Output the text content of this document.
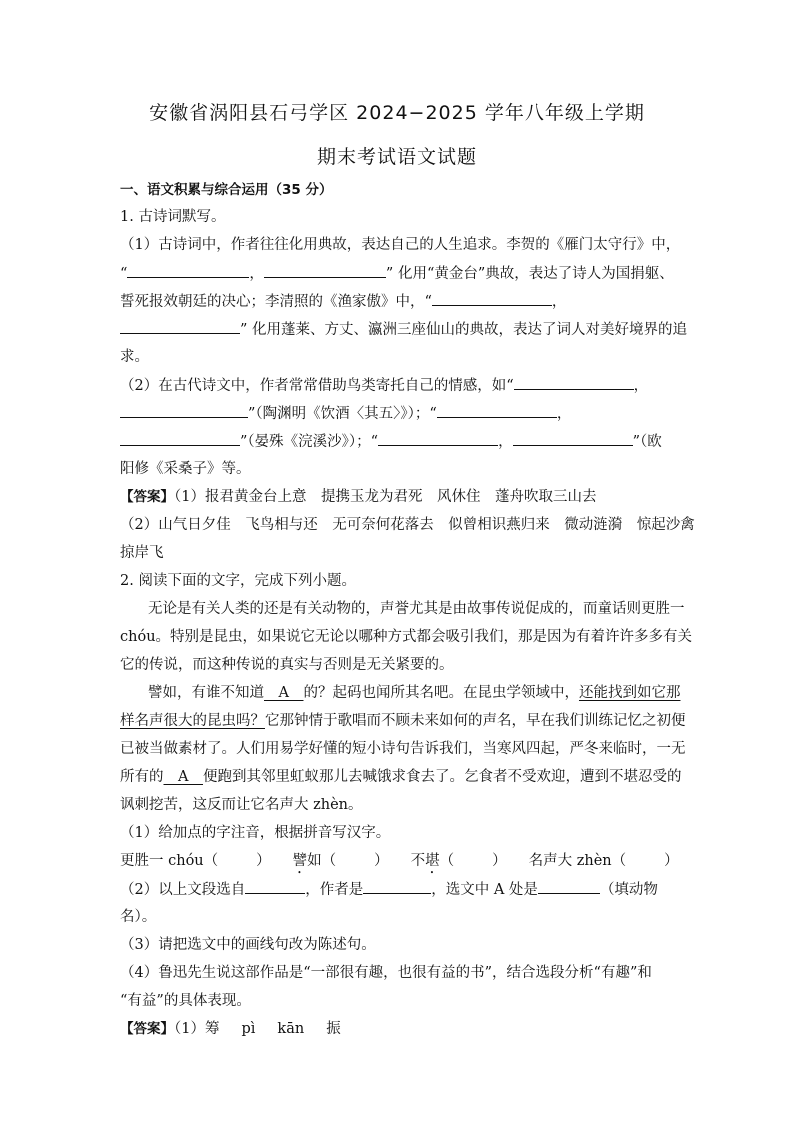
安徽省涡阳县石弓学区 2024−2025 学年八年级上学期
期末考试语文试题
一、语文积累与综合运用（35 分）
1. 古诗词默写。
（1）古诗词中，作者往往化用典故，表达自己的人生追求。李贺的《雁门太守行》中，
“	，	” 化用“黄金台”典故，表达了诗人为国捐躯、
誓死报效朝廷的决心；李清照的《渔家傲》中，“	，
” 化用蓬莱、方丈、瀛洲三座仙山的典故，表达了词人对美好境界的追
求。
（2）在古代诗文中，作者常常借助鸟类寄托自己的情感，如“	，
”（陶渊明《饮酒〈其五〉》）；“	，
”（晏殊《浣溪沙》）；“	，	”（欧
阳修《采桑子》等。
【答案】（1）报君黄金台上意　提携玉龙为君死　风休住　蓬舟吹取三山去
（2）山气日夕佳　飞鸟相与还　无可奈何花落去　似曾相识燕归来　微动涟漪　惊起沙禽
掠岸飞
2. 阅读下面的文字，完成下列小题。
无论是有关人类的还是有关动物的，声誉尤其是由故事传说促成的，而童话则更胜一
chóu。特别是昆虫，如果说它无论以哪种方式都会吸引我们，那是因为有着许许多多有关
它的传说，而这种传说的真实与否则是无关紧要的。
譬如，有谁不知道  A  的？起码也闻所其名吧。在昆虫学领域中，还能找到如它那
样名声很大的昆虫吗？它那钟情于歌唱而不顾未来如何的声名，早在我们训练记忆之初便
已被当做素材了。人们用易学好懂的短小诗句告诉我们，当寒风四起，严冬来临时，一无
所有的  A  便跑到其邻里虹蚁那儿去喊饿求食去了。乞食者不受欢迎，遭到不堪忍受的
讽刺挖苦，这反而让它名声大 zhèn。
（1）给加点的字注音，根据拼音写汉字。
更胜一 chóu（	） 譬如（	） 不堪（	） 名声大 zhèn（	）
（2）以上文段选自	，作者是	，选文中 A 处是	（填动物
名）。
（3）请把选文中的画线句改为陈述句。
（4）鲁迅先生说这部作品是“一部很有趣，也很有益的书”，结合选段分析“有趣”和
“有益”的具体表现。
【答案】（1）筹 pì kān 振
